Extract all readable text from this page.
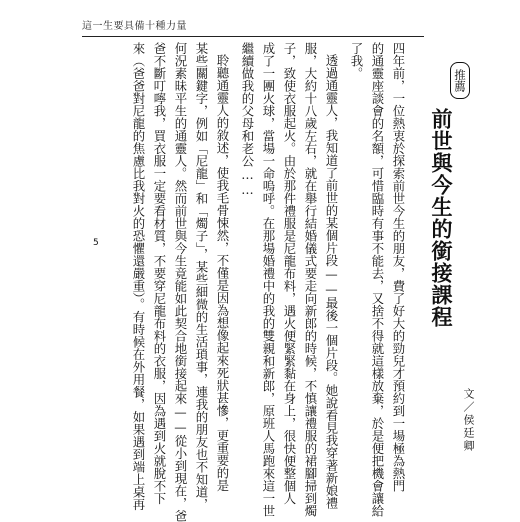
這一生要具備十種力量
5
推薦
前世與今生的銜接課程
文／侯廷卿
四年前，一位熱衷於探索前世今生的朋友，費了好大的勁兒才預約到一場極為熱門
的通靈座談會的名額，可惜臨時有事不能去，又捨不得就這樣放棄，於是便把機會讓給
了我。
透過通靈人，我知道了前世的某個片段——最後一個片段。她說看見我穿著新娘禮
服，大約十八歲左右，就在舉行結婚儀式要走向新郎的時候，不慎讓禮服的裙腳掃到燭
子，致使衣服起火。由於那件禮服是尼龍布料，遇火便緊緊黏在身上，很快便整個人
成了一團火球，當場一命嗚呼。在那場婚禮中的我的雙親和新郎，原班人馬跑來這一世
繼續做我的父母和老公……
聆聽通靈人的敘述，使我毛骨悚然，不僅是因為想像起來死狀甚慘，更重要的是
某些關鍵字，例如「尼龍」和「燭子」，某些細微的生活瑣事，連我的朋友也不知道，
何況素昧平生的通靈人。然而前世與今生竟能如此契合地銜接起來——從小到現在，爸
爸不斷叮嚀我，買衣服一定要看材質，不要穿尼龍布料的衣服，因為遇到火就脫不下
來（爸爸對尼龍的焦慮比我對火的恐懼還嚴重）。有時候在外用餐，如果遇到端上桌再
